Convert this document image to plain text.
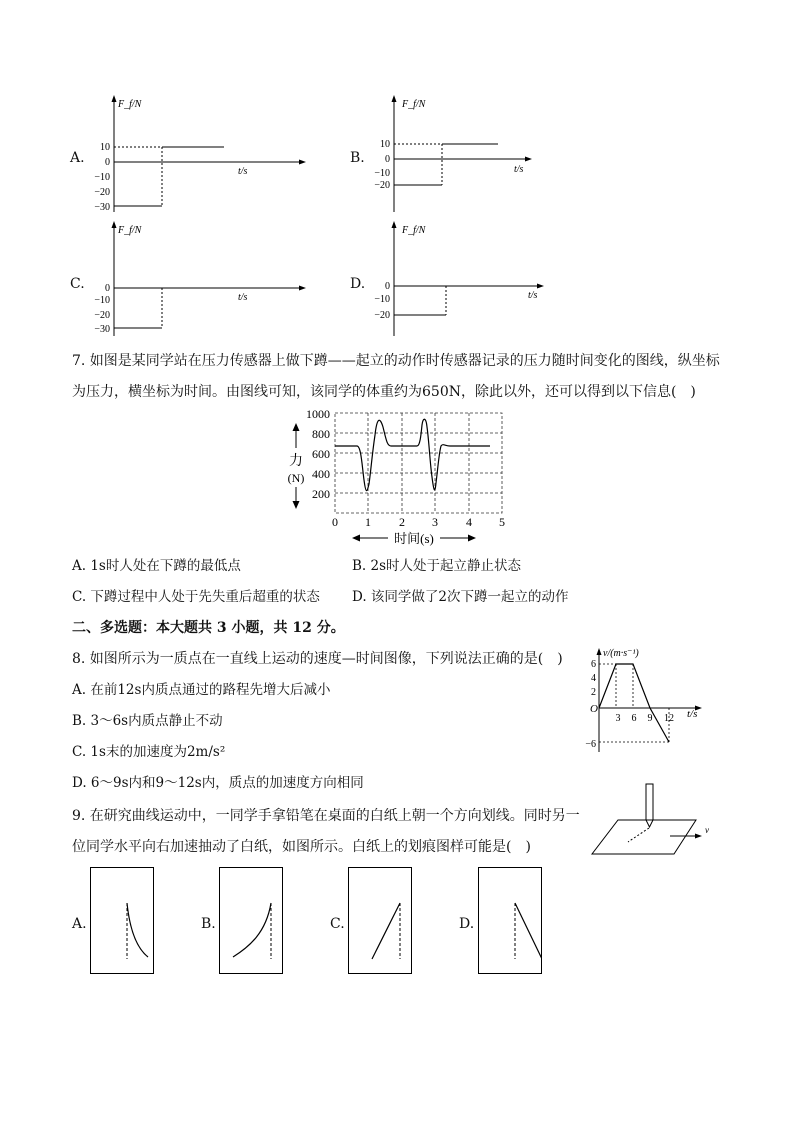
A.
F_f/N
t/s
10
0
−10
−20
−30
B.
F_f/N
t/s
10
0
−10
−20
C.
F_f/N
t/s
0
−10
−20
−30
D.
F_f/N
t/s
0
−10
−20
7. 如图是某同学站在压力传感器上做下蹲——起立的动作时传感器记录的压力随时间变化的图线，纵坐标
为压力，横坐标为时间。由图线可知，该同学的体重约为650N，除此以外，还可以得到以下信息(　)
1000
800
600
400
200
0 1 2 3 4 5
力
(N)
时间(s)
A. 1s时人处在下蹲的最低点	B. 2s时人处于起立静止状态
C. 下蹲过程中人处于先失重后超重的状态 D. 该同学做了2次下蹲一起立的动作
二、多选题：本大题共 3 小题，共 12 分。
8. 如图所示为一质点在一直线上运动的速度—时间图像，下列说法正确的是(　)
A. 在前12s内质点通过的路程先增大后减小
B. 3～6s内质点静止不动
C. 1s末的加速度为2m/s²
D. 6～9s内和9～12s内，质点的加速度方向相同
v/(m·s⁻¹)
t/s
O
6
4
2
−6
3 6 9 12
9. 在研究曲线运动中，一同学手拿铅笔在桌面的白纸上朝一个方向划线。同时另一
位同学水平向右加速抽动了白纸，如图所示。白纸上的划痕图样可能是(　)
v
A.	B.	C.	D.
